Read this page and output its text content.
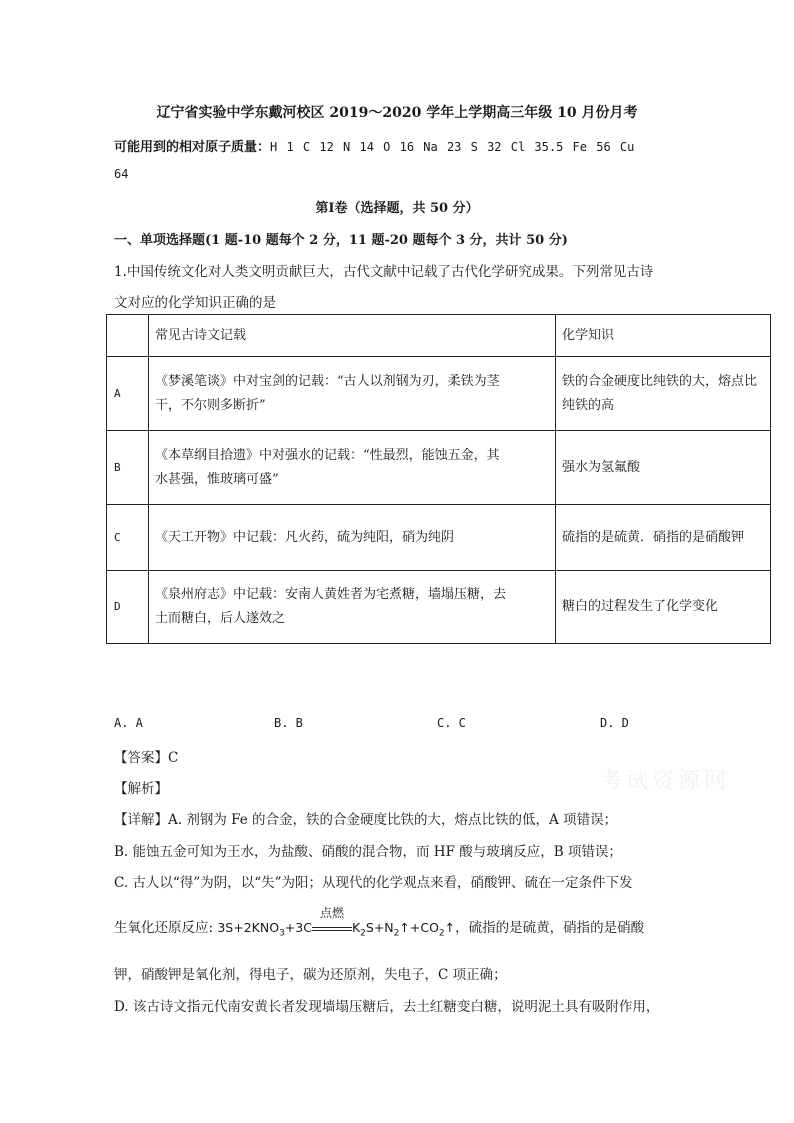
辽宁省实验中学东戴河校区 2019～2020 学年上学期高三年级 10 月份月考
可能用到的相对原子质量：H 1 C 12 N 14 O 16 Na 23 S 32 Cl 35.5 Fe 56 Cu
64
第Ⅰ卷（选择题，共 50 分）
一、单项选择题(1 题-10 题每个 2 分，11 题-20 题每个 3 分，共计 50 分)
1.中国传统文化对人类文明贡献巨大，古代文献中记载了古代化学研究成果。下列常见古诗
文对应的化学知识正确的是
	常见古诗文记载	化学知识
A	《梦溪笔谈》中对宝剑的记载：“古人以剂钢为刃，柔铁为茎
干，不尔则多断折”	铁的合金硬度比纯铁的大，熔点比
纯铁的高
B	《本草纲目拾遗》中对强水的记载：“性最烈，能蚀五金，其
水甚强，惟玻璃可盛”	强水为氢氟酸
C	《天工开物》中记载：凡火药，硫为纯阳，硝为纯阴	硫指的是硫黄．硝指的是硝酸钾
D	《泉州府志》中记载：安南人黄姓者为宅煮糖，墙塌压糖，去
土而糖白，后人遂效之	糖白的过程发生了化学变化
A. A	B. B	C. C	D. D
【答案】C
【解析】	考试资源网
【详解】A. 剂钢为 Fe 的合金，铁的合金硬度比铁的大，熔点比铁的低，A 项错误；
B. 能蚀五金可知为王水，为盐酸、硝酸的混合物，而 HF 酸与玻璃反应，B 项错误；
C. 古人以“得”为阴，以“失”为阳；从现代的化学观点来看，硝酸钾、硫在一定条件下发
生氧化还原反应: $3S+2KNO_3+3C$
点燃
$K_2S+N_2↑+CO_2↑$，硫指的是硫黄，硝指的是硝酸
钾，硝酸钾是氧化剂，得电子，碳为还原剂，失电子，C 项正确；
D. 该古诗文指元代南安黄长者发现墙塌压糖后，去土红糖变白糖，说明泥土具有吸附作用，
